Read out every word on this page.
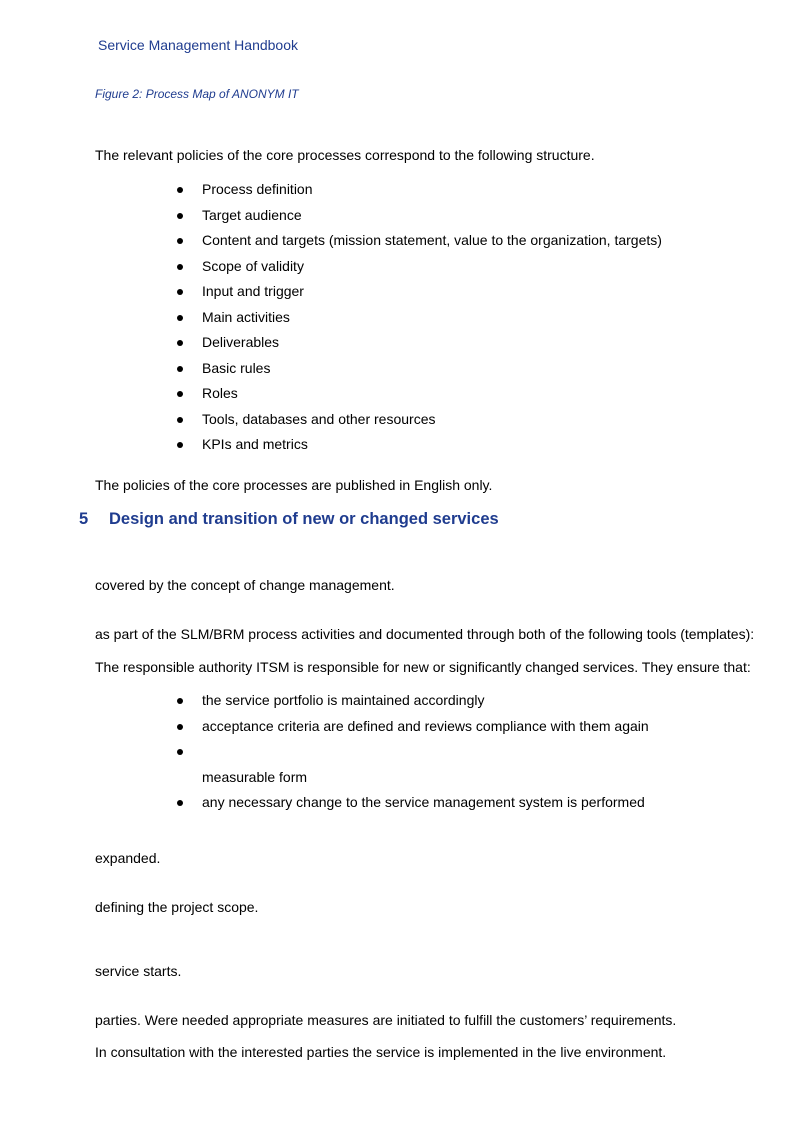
Service Management Handbook
Figure 2: Process Map of ANONYM IT
The relevant policies of the core processes correspond to the following structure.
Process definition
Target audience
Content and targets (mission statement, value to the organization, targets)
Scope of validity
Input and trigger
Main activities
Deliverables
Basic rules
Roles
Tools, databases and other resources
KPIs and metrics
The policies of the core processes are published in English only.
5 Design and transition of new or changed services
covered by the concept of change management.
as part of the SLM/BRM process activities and documented through both of the following tools (templates):
The responsible authority ITSM is responsible for new or significantly changed services. They ensure that:
the service portfolio is maintained accordingly
acceptance criteria are defined and reviews compliance with them again

measurable form
any necessary change to the service management system is performed
expanded.
defining the project scope.
service starts.
parties. Were needed appropriate measures are initiated to fulfill the customers’ requirements.
In consultation with the interested parties the service is implemented in the live environment.
